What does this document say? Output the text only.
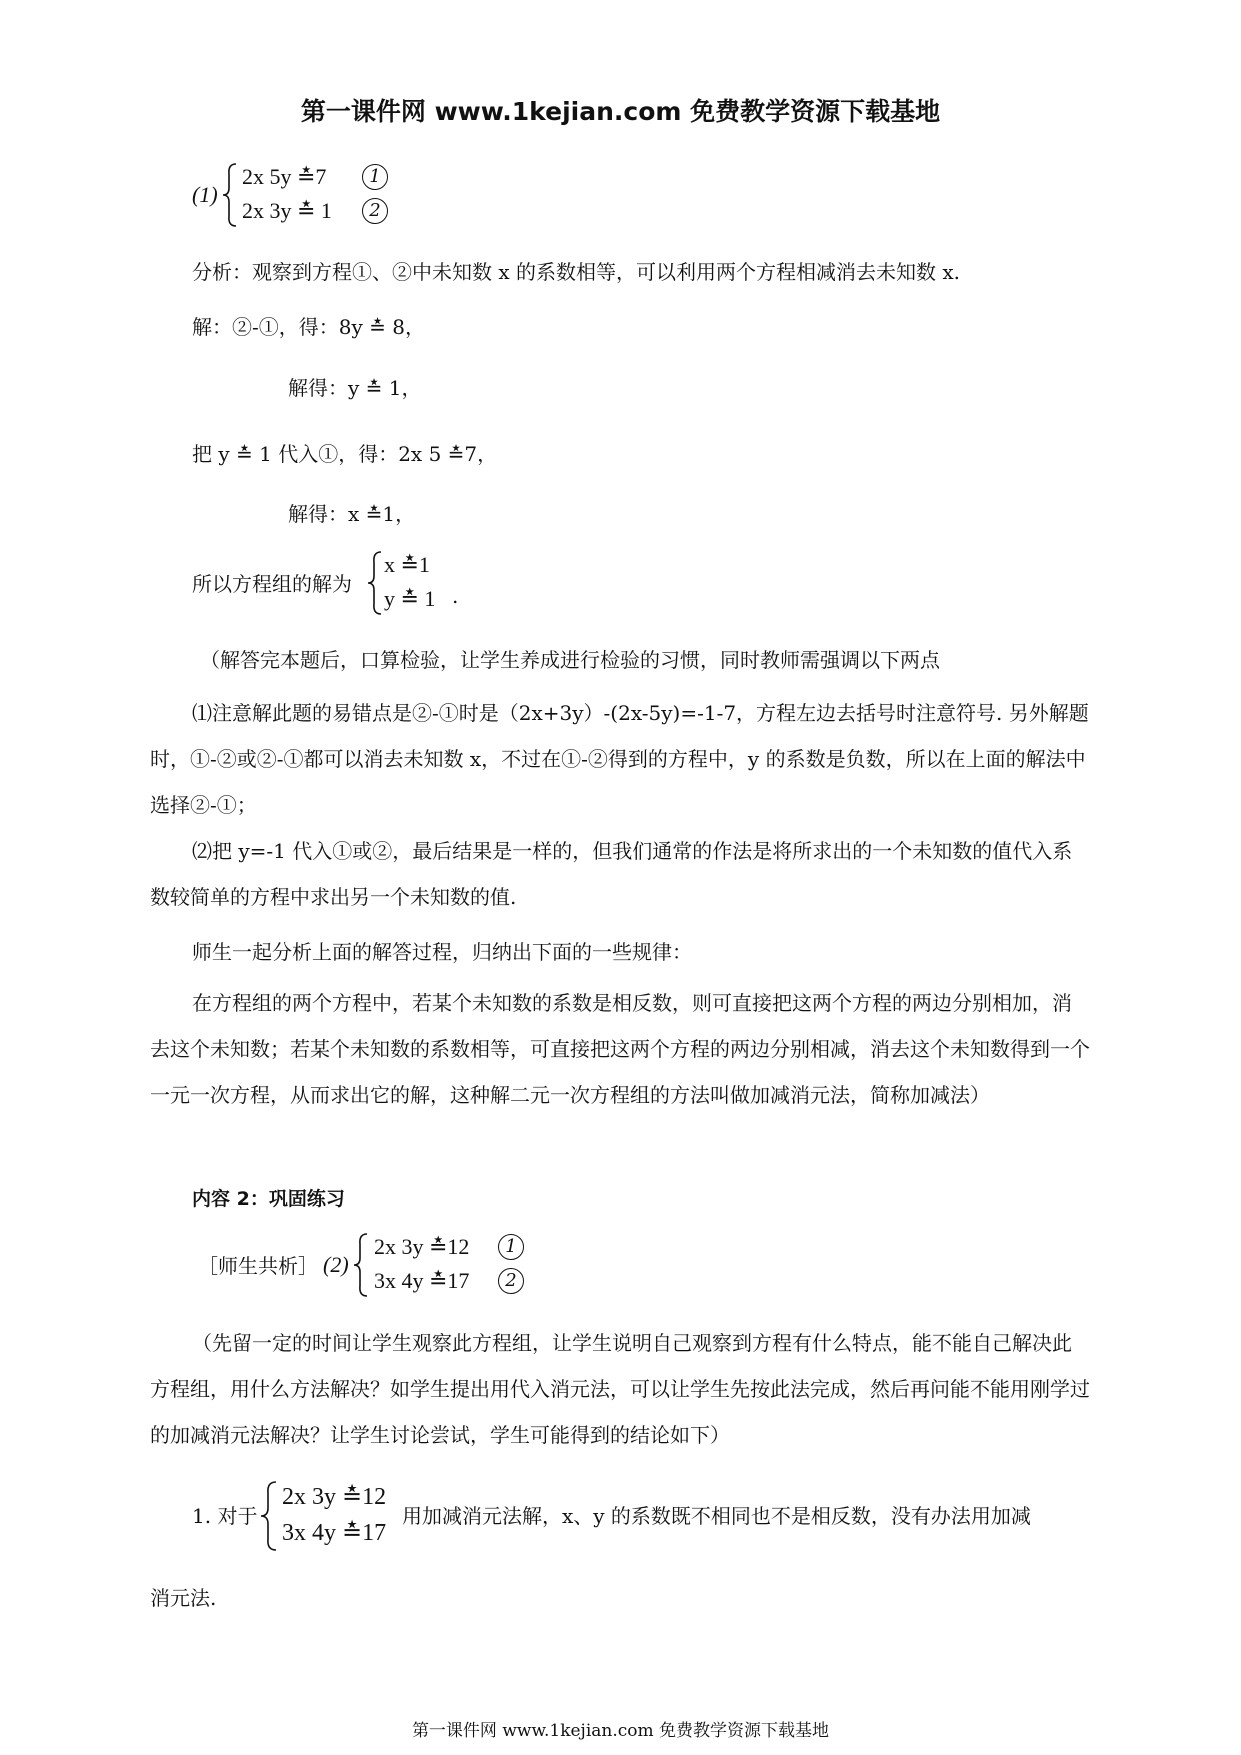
第一课件网 www.1kejian.com 免费教学资源下载基地
(1)
2x 5y ≛7	1
2x 3y ≛ 1	2
分析：观察到方程①、②中未知数 x 的系数相等，可以利用两个方程相减消去未知数 x.
解：②-①，得：8y ≛ 8，
解得：y ≛ 1，
把 y ≛ 1 代入①，得：2x 5 ≛7，
解得：x ≛1，
所以方程组的解为
x ≛1
y ≛ 1 .
（解答完本题后，口算检验，让学生养成进行检验的习惯，同时教师需强调以下两点
⑴注意解此题的易错点是②-①时是（2x+3y）-(2x-5y)=-1-7，方程左边去括号时注意符号. 另外解题时，①-②或②-①都可以消去未知数 x，不过在①-②得到的方程中，y 的系数是负数，所以在上面的解法中选择②-①；
⑵把 y=-1 代入①或②，最后结果是一样的，但我们通常的作法是将所求出的一个未知数的值代入系数较简单的方程中求出另一个未知数的值.
师生一起分析上面的解答过程，归纳出下面的一些规律：
在方程组的两个方程中，若某个未知数的系数是相反数，则可直接把这两个方程的两边分别相加，消去这个未知数；若某个未知数的系数相等，可直接把这两个方程的两边分别相减，消去这个未知数得到一个一元一次方程，从而求出它的解，这种解二元一次方程组的方法叫做加减消元法，简称加减法）
内容 2：巩固练习
［师生共析］ (2)
2x 3y ≛12	1
3x 4y ≛17	2
（先留一定的时间让学生观察此方程组，让学生说明自己观察到方程有什么特点，能不能自己解决此方程组，用什么方法解决？如学生提出用代入消元法，可以让学生先按此法完成，然后再问能不能用刚学过的加减消元法解决？让学生讨论尝试，学生可能得到的结论如下）
1. 对于
2x 3y ≛12
3x 4y ≛17
用加减消元法解，x、y 的系数既不相同也不是相反数，没有办法用加减
消元法.
第一课件网 www.1kejian.com 免费教学资源下载基地
